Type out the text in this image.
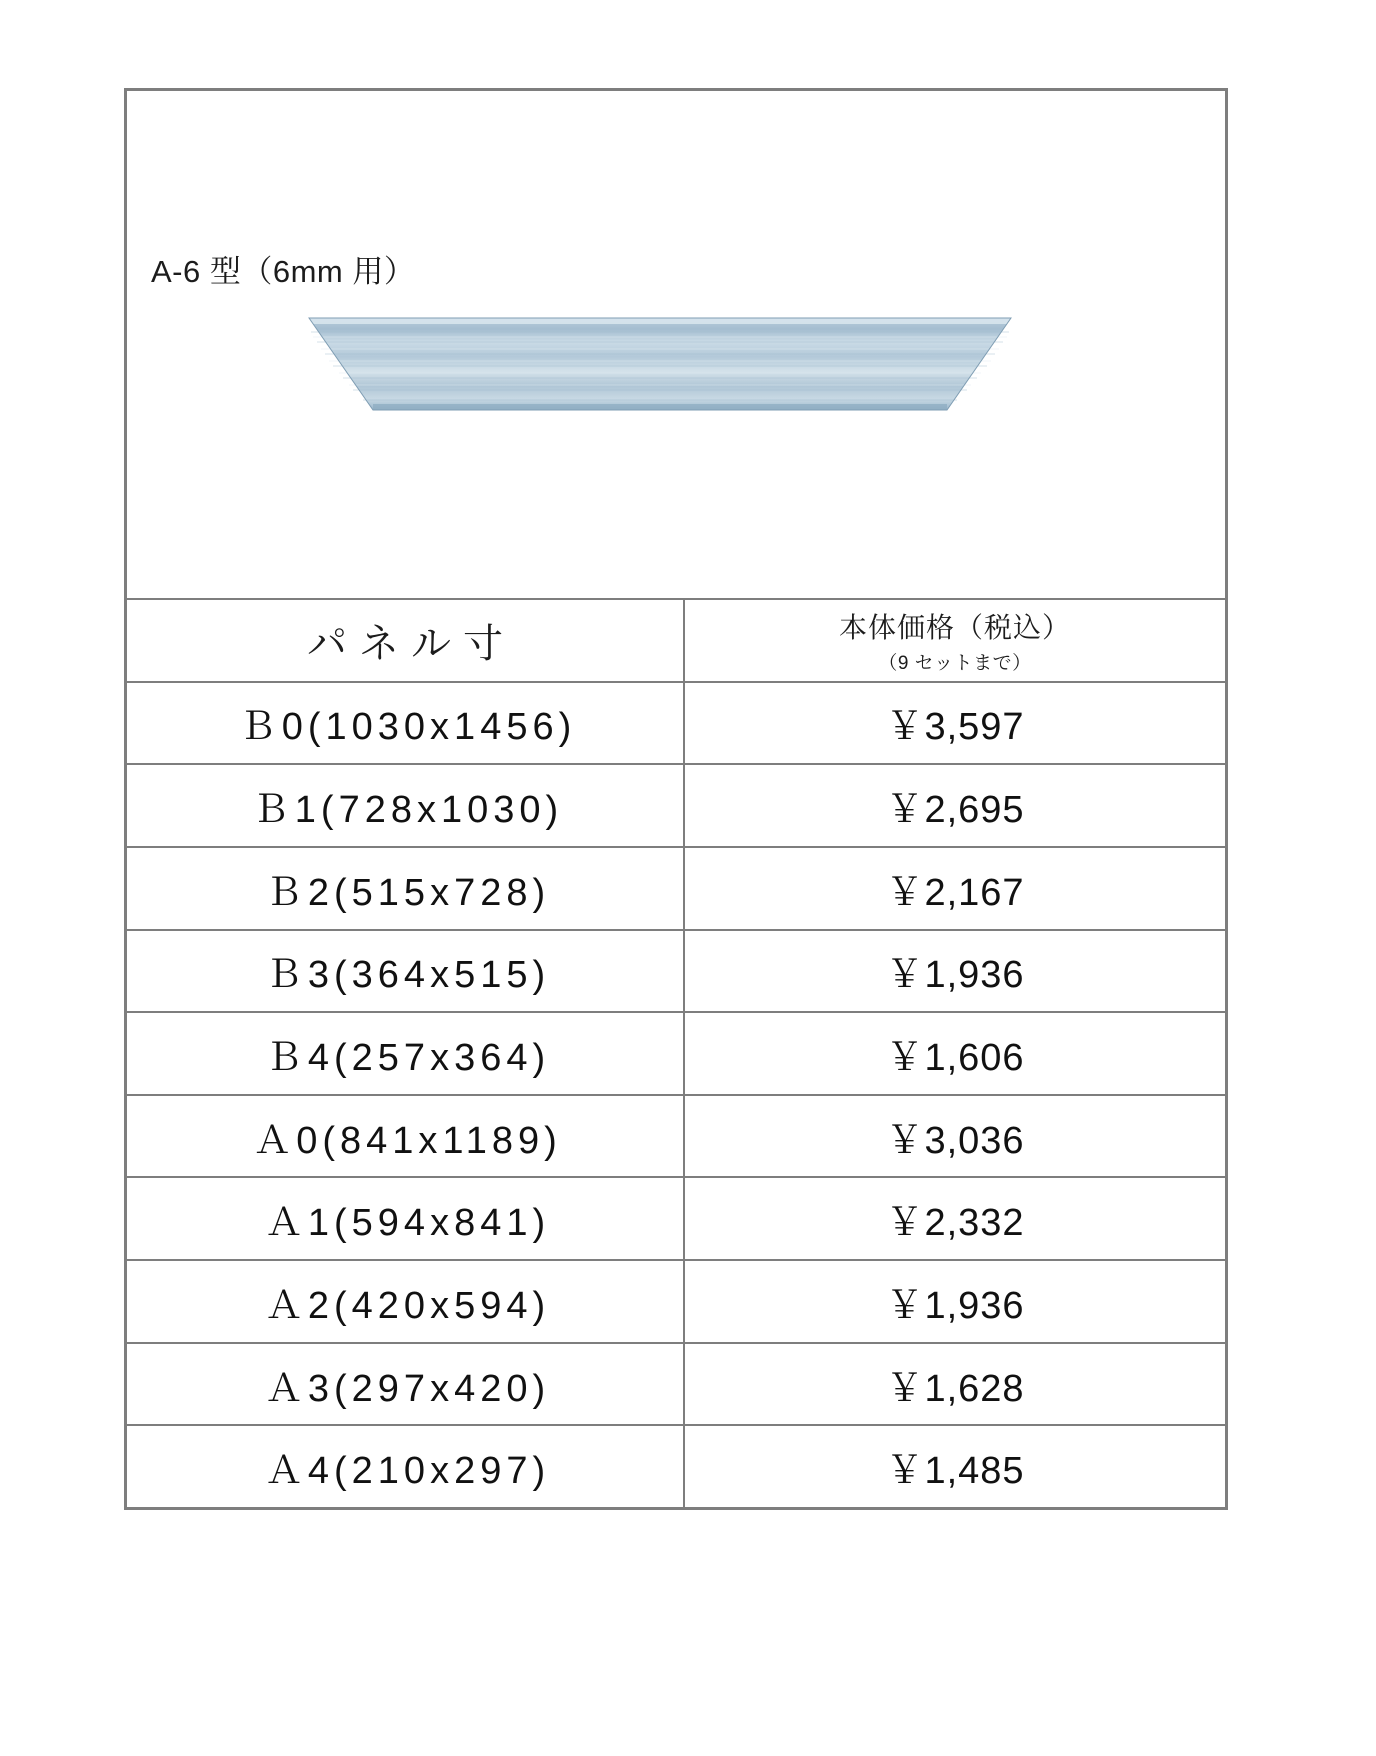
A-6 型（6mm 用）
パネル寸	本体価格（税込）
（9 セットまで）
Ｂ0(1030x1456)	￥3,597
Ｂ1(728x1030)	￥2,695
Ｂ2(515x728)	￥2,167
Ｂ3(364x515)	￥1,936
Ｂ4(257x364)	￥1,606
Ａ0(841x1189)	￥3,036
Ａ1(594x841)	￥2,332
Ａ2(420x594)	￥1,936
Ａ3(297x420)	￥1,628
Ａ4(210x297)	￥1,485
